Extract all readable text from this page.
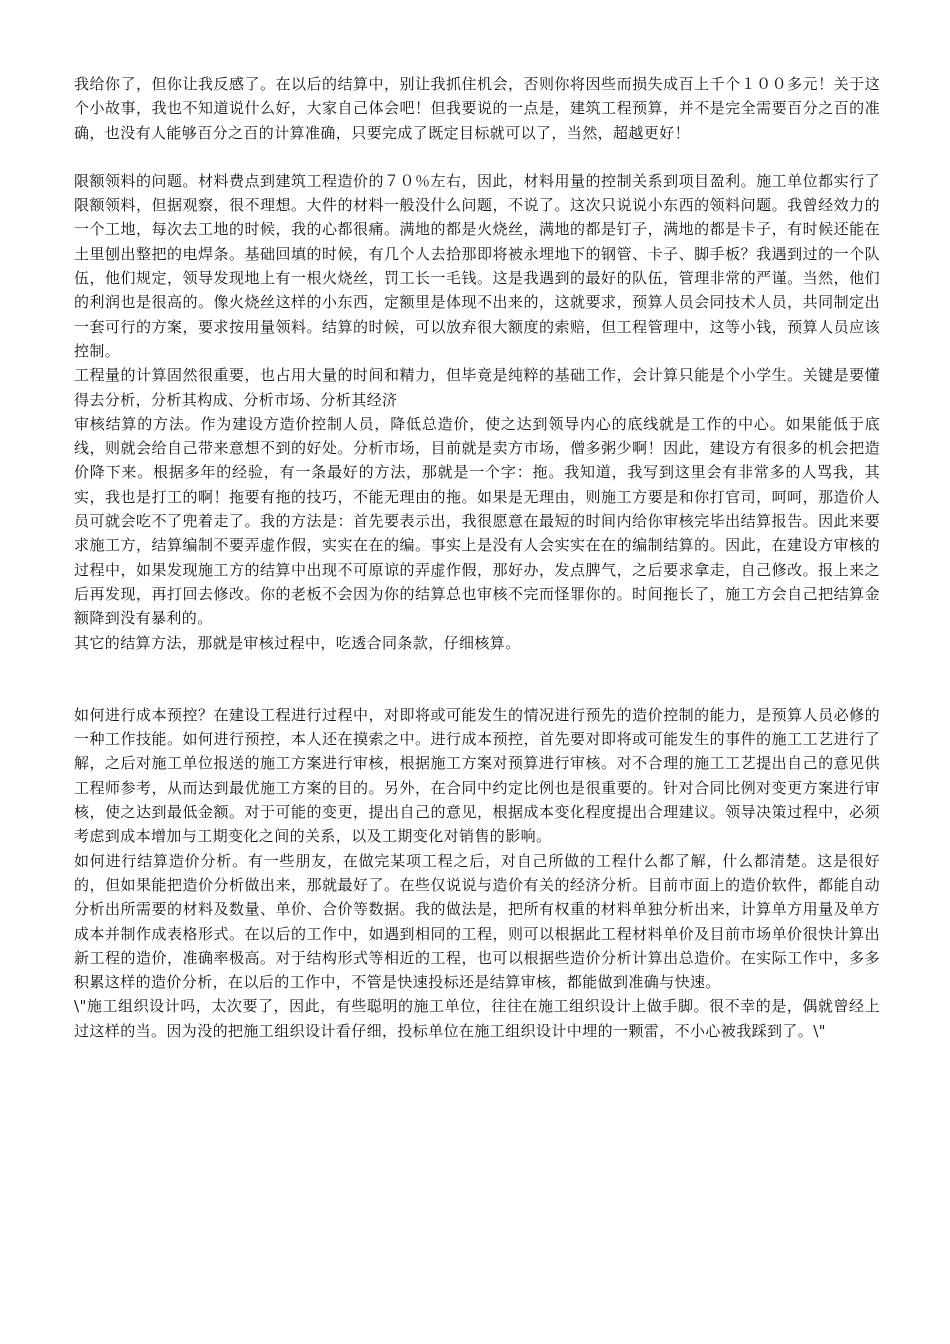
我给你了，但你让我反感了。在以后的结算中，别让我抓住机会，否则你将因些而损失成百上千个１００多元！关于这个小故事，我也不知道说什么好，大家自己体会吧！但我要说的一点是，建筑工程预算，并不是完全需要百分之百的准确，也没有人能够百分之百的计算准确，只要完成了既定目标就可以了，当然，超越更好！

限额领料的问题。材料费点到建筑工程造价的７０％左右，因此，材料用量的控制关系到项目盈利。施工单位都实行了限额领料，但据观察，很不理想。大件的材料一般没什么问题，不说了。这次只说说小东西的领料问题。我曾经效力的一个工地，每次去工地的时候，我的心都很痛。满地的都是火烧丝，满地的都是钉子，满地的都是卡子，有时候还能在土里刨出整把的电焊条。基础回填的时候，有几个人去拾那即将被永埋地下的钢管、卡子、脚手板？我遇到过的一个队伍，他们规定，领导发现地上有一根火烧丝，罚工长一毛钱。这是我遇到的最好的队伍，管理非常的严谨。当然，他们的利润也是很高的。像火烧丝这样的小东西，定额里是体现不出来的，这就要求，预算人员会同技术人员，共同制定出一套可行的方案，要求按用量领料。结算的时候，可以放弃很大额度的索赔，但工程管理中，这等小钱，预算人员应该控制。

工程量的计算固然很重要，也占用大量的时间和精力，但毕竟是纯粹的基础工作，会计算只能是个小学生。关键是要懂得去分析，分析其构成、分析市场、分析其经济

审核结算的方法。作为建设方造价控制人员，降低总造价，使之达到领导内心的底线就是工作的中心。如果能低于底线，则就会给自己带来意想不到的好处。分析市场，目前就是卖方市场，僧多粥少啊！因此，建设方有很多的机会把造价降下来。根据多年的经验，有一条最好的方法，那就是一个字：拖。我知道，我写到这里会有非常多的人骂我，其实，我也是打工的啊！拖要有拖的技巧，不能无理由的拖。如果是无理由，则施工方要是和你打官司，呵呵，那造价人员可就会吃不了兜着走了。我的方法是：首先要表示出，我很愿意在最短的时间内给你审核完毕出结算报告。因此来要求施工方，结算编制不要弄虚作假，实实在在的编。事实上是没有人会实实在在的编制结算的。因此，在建设方审核的过程中，如果发现施工方的结算中出现不可原谅的弄虚作假，那好办，发点脾气，之后要求拿走，自己修改。报上来之后再发现，再打回去修改。你的老板不会因为你的结算总也审核不完而怪罪你的。时间拖长了，施工方会自己把结算金额降到没有暴利的。

其它的结算方法，那就是审核过程中，吃透合同条款，仔细核算。

如何进行成本预控？在建设工程进行过程中，对即将或可能发生的情况进行预先的造价控制的能力，是预算人员必修的一种工作技能。如何进行预控，本人还在摸索之中。进行成本预控，首先要对即将或可能发生的事件的施工工艺进行了解，之后对施工单位报送的施工方案进行审核，根据施工方案对预算进行审核。对不合理的施工工艺提出自己的意见供工程师参考，从而达到最优施工方案的目的。另外，在合同中约定比例也是很重要的。针对合同比例对变更方案进行审核，使之达到最低金额。对于可能的变更，提出自己的意见，根据成本变化程度提出合理建议。领导决策过程中，必须考虑到成本增加与工期变化之间的关系，以及工期变化对销售的影响。

如何进行结算造价分析。有一些朋友，在做完某项工程之后，对自己所做的工程什么都了解，什么都清楚。这是很好的，但如果能把造价分析做出来，那就最好了。在些仅说说与造价有关的经济分析。目前市面上的造价软件，都能自动分析出所需要的材料及数量、单价、合价等数据。我的做法是，把所有权重的材料单独分析出来，计算单方用量及单方成本并制作成表格形式。在以后的工作中，如遇到相同的工程，则可以根据此工程材料单价及目前市场单价很快计算出新工程的造价，准确率极高。对于结构形式等相近的工程，也可以根据些造价分析计算出总造价。在实际工作中，多多积累这样的造价分析，在以后的工作中，不管是快速投标还是结算审核，都能做到准确与快速。

\"施工组织设计吗，太次要了，因此，有些聪明的施工单位，往往在施工组织设计上做手脚。很不幸的是，偶就曾经上过这样的当。因为没的把施工组织设计看仔细，投标单位在施工组织设计中埋的一颗雷，不小心被我踩到了。\"
